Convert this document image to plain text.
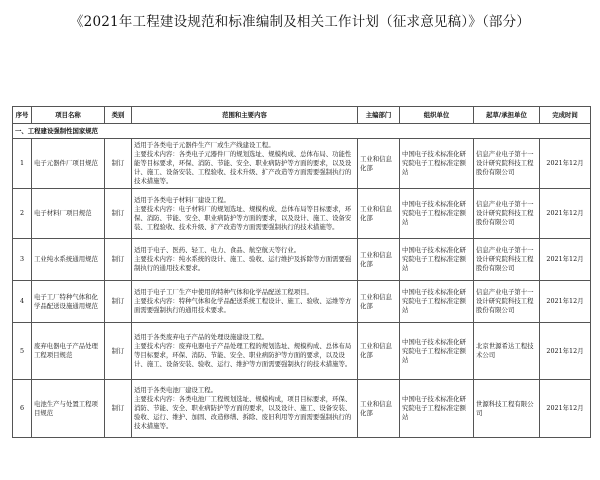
《2021年工程建设规范和标准编制及相关工作计划（征求意见稿）》（部分）
序号	项目名称	类别	范围和主要内容	主编部门	组织单位	起草/承担单位	完成时间
一、工程建设强制性国家规范							
1	电子元器件厂项目规范	制订	适用于各类电子元器件生产厂或生产线建设工程。
主要技术内容：各类电子元器件厂的规划选址、规模构成、总体布局、功能性能等目标要求，环保、消防、节能、安全、职业病防护等方面的要求，以及设计、施工、设备安装、工程验收、技术升级、扩产改造等方面需要强制执行的技术措施等。	工业和信息化部	中国电子技术标准化研究院电子工程标准定额站	信息产业电子第十一设计研究院科技工程股份有限公司	2021年12月
2	电子材料厂项目规范	制订	适用于各类电子材料厂建设工程。
主要技术内容：电子材料厂的规划选址、规模构成、总体布局等目标要求，环保、消防、节能、安全、职业病防护等方面的要求，以及设计、施工、设备安装、工程验收、技术升级、扩产改造等方面需要强制执行的技术措施等。	工业和信息化部	中国电子技术标准化研究院电子工程标准定额站	信息产业电子第十一设计研究院科技工程股份有限公司	2021年12月
3	工业纯水系统通用规范	制订	适用于电子、医药、轻工、电力、食品、航空航天等行业。
主要技术内容：纯水系统的设计、施工、验收、运行维护及拆除等方面需要强制执行的通用技术要求。	工业和信息化部	中国电子技术标准化研究院电子工程标准定额站	信息产业电子第十一设计研究院科技工程股份有限公司	2021年12月
4	电子工厂特种气体和化学品配送设施通用规范	制订	适用于电子工厂生产中使用的特种气体和化学品配送工程项目。
主要技术内容：特种气体和化学品配送系统工程设计、施工、验收、运维等方面需要强制执行的通用技术要求。	工业和信息化部	中国电子技术标准化研究院电子工程标准定额站	信息产业电子第十一设计研究院科技工程股份有限公司	2021年12月
5	废弃电器电子产品处理工程项目规范	制订	适用于各类废弃电子产品的处理设施建设工程。
主要技术内容：废弃电器电子产品处理工程的规划选址、规模构成、总体布局等目标要求，环保、消防、节能、安全、职业病防护等方面的要求，以及设计、施工、设备安装、验收、运行、维护等方面需要强制执行的技术措施等。	工业和信息化部	中国电子技术标准化研究院电子工程标准定额站	北京世源希达工程技术公司	2021年12月
6	电池生产与处置工程项目规范	制订	适用于各类电池厂建设工程。
主要技术内容：各类电池厂工程规划选址、规模构成，项目目标要求，环保、消防、节能、安全、职业病防护等方面的要求，以及设计、施工、设备安装、验收、运行、维护、加固、改造修缮、拆除、废旧利用等方面需要强制执行的技术措施等。	工业和信息化部	中国电子技术标准化研究院电子工程标准定额站	世源科技工程有限公司	2021年12月
